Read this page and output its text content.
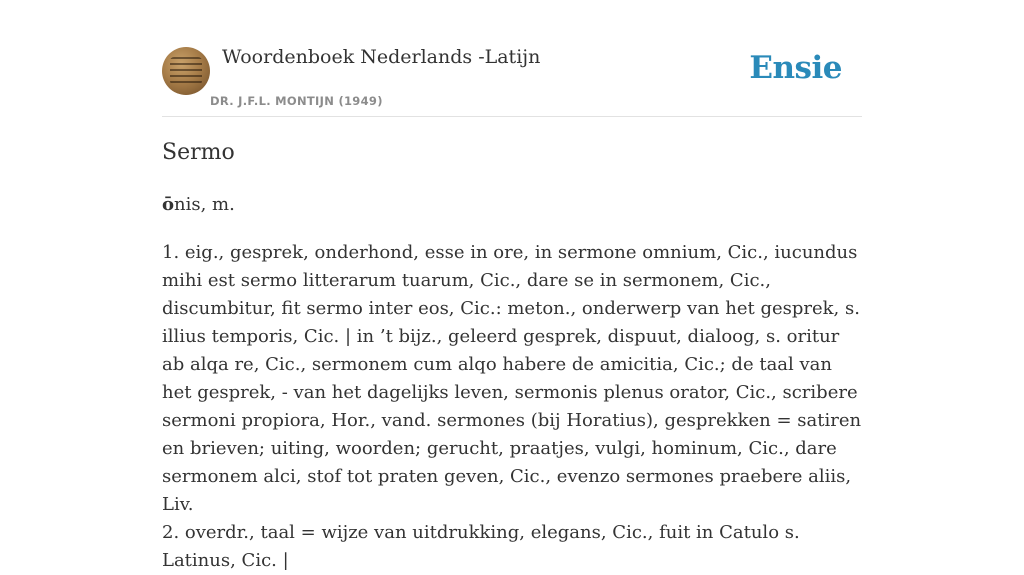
Woordenboek Nederlands -Latijn
DR. J.F.L. MONTIJN (1949)
Ensie
Sermo
ōnis, m.

1. eig., gesprek, onderhond, esse in ore, in sermone omnium, Cic., iucundus mihi est sermo litterarum tuarum, Cic., dare se in sermonem, Cic., discumbitur, fit sermo inter eos, Cic.: meton., onderwerp van het gesprek, s. illius temporis, Cic. | in ’t bijz., geleerd gesprek, dispuut, dialoog, s. oritur ab alqa re, Cic., sermonem cum alqo habere de amicitia, Cic.; de taal van het gesprek, - van het dagelijks leven, sermonis plenus orator, Cic., scribere sermoni propiora, Hor., vand. sermones (bij Horatius), gesprekken = satiren en brieven; uiting, woorden; gerucht, praatjes, vulgi, hominum, Cic., dare sermonem alci, stof tot praten geven, Cic., evenzo sermones praebere aliis, Liv.

2. overdr., taal = wijze van uitdrukking, elegans, Cic., fuit in Catulo s. Latinus, Cic. |
